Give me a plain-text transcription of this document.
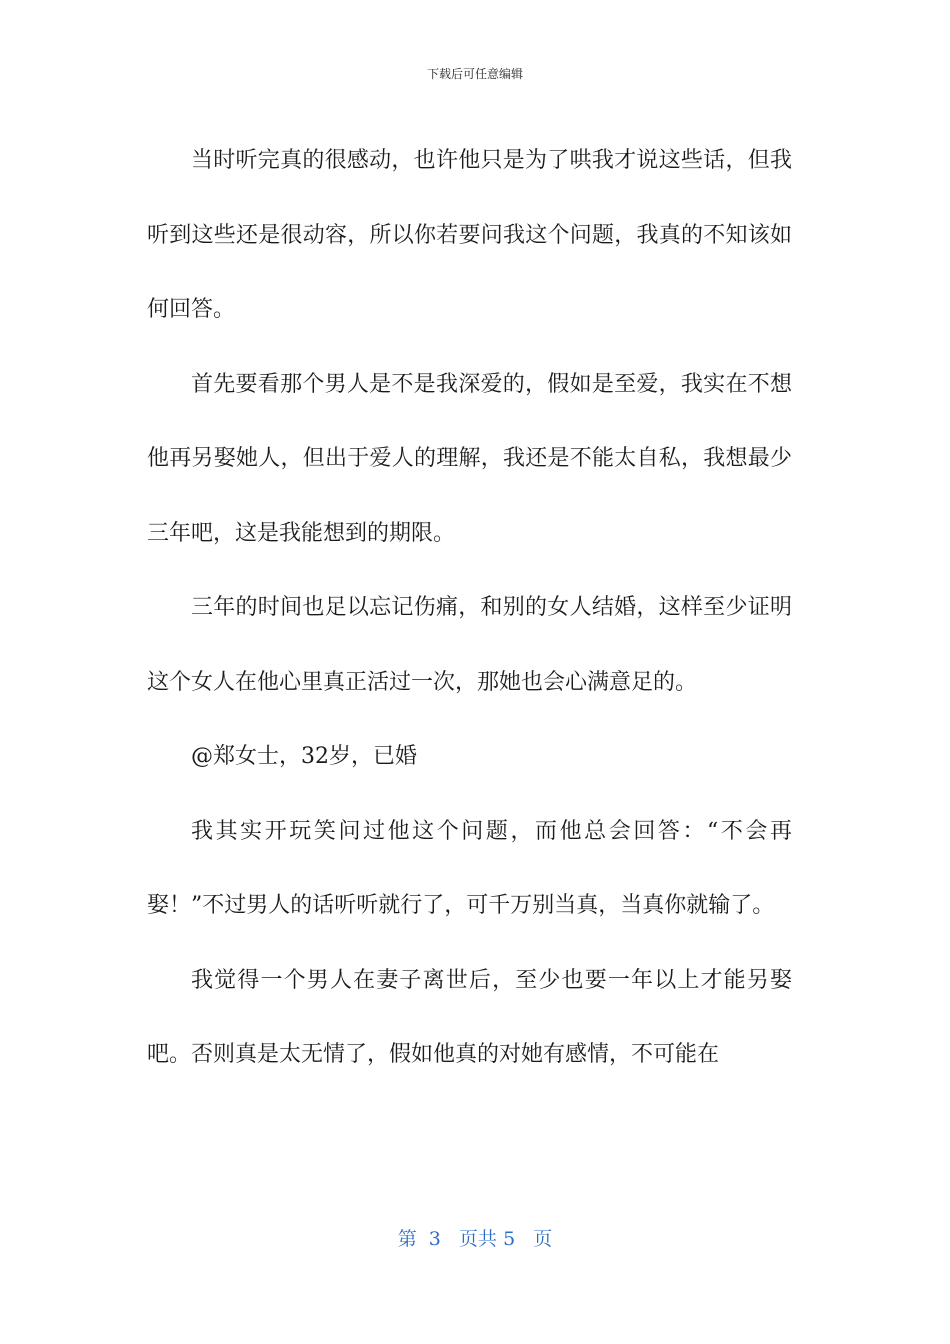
下载后可任意编辑

当时听完真的很感动，也许他只是为了哄我才说这些话，但我听到这些还是很动容，所以你若要问我这个问题，我真的不知该如何回答。

首先要看那个男人是不是我深爱的，假如是至爱，我实在不想他再另娶她人，但出于爱人的理解，我还是不能太自私，我想最少三年吧，这是我能想到的期限。

三年的时间也足以忘记伤痛，和别的女人结婚，这样至少证明这个女人在他心里真正活过一次，那她也会心满意足的。

@郑女士，32岁，已婚

我其实开玩笑问过他这个问题，而他总会回答：“不会再娶！”不过男人的话听听就行了，可千万别当真，当真你就输了。

我觉得一个男人在妻子离世后，至少也要一年以上才能另娶吧。否则真是太无情了，假如他真的对她有感情，不可能在

第 3 页共 5 页
